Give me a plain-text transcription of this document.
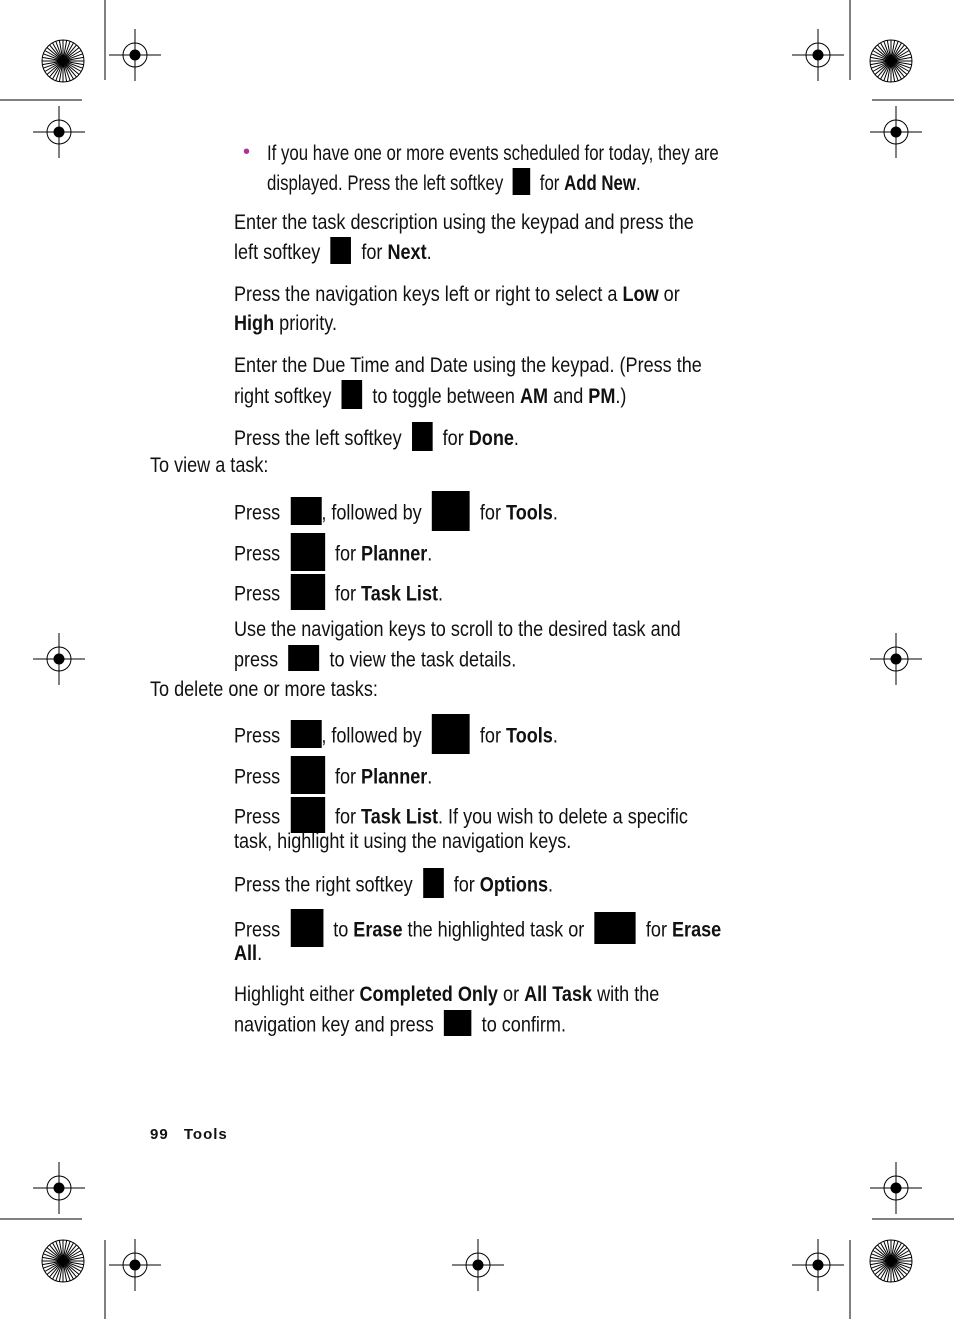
• If you have one or more events scheduled for today, they are
displayed. Press the left softkey for Add New.
Enter the task description using the keypad and press the
left softkey for Next.
Press the navigation keys left or right to select a Low or
High priority.
Enter the Due Time and Date using the keypad. (Press the
right softkey to toggle between AM and PM.)
Press the left softkey for Done.
To view a task:
Press , followed by	for Tools.
Press	for Planner.
Press	for Task List.
Use the navigation keys to scroll to the desired task and
press to view the task details.
To delete one or more tasks:
Press , followed by	for Tools.
Press	for Planner.
Press	for Task List. If you wish to delete a specific
task, highlight it using the navigation keys.
Press the right softkey for Options.
Press	to Erase the highlighted task or	for Erase
All.
Highlight either Completed Only or All Task with the
navigation key and press to confirm.
99 Tools
